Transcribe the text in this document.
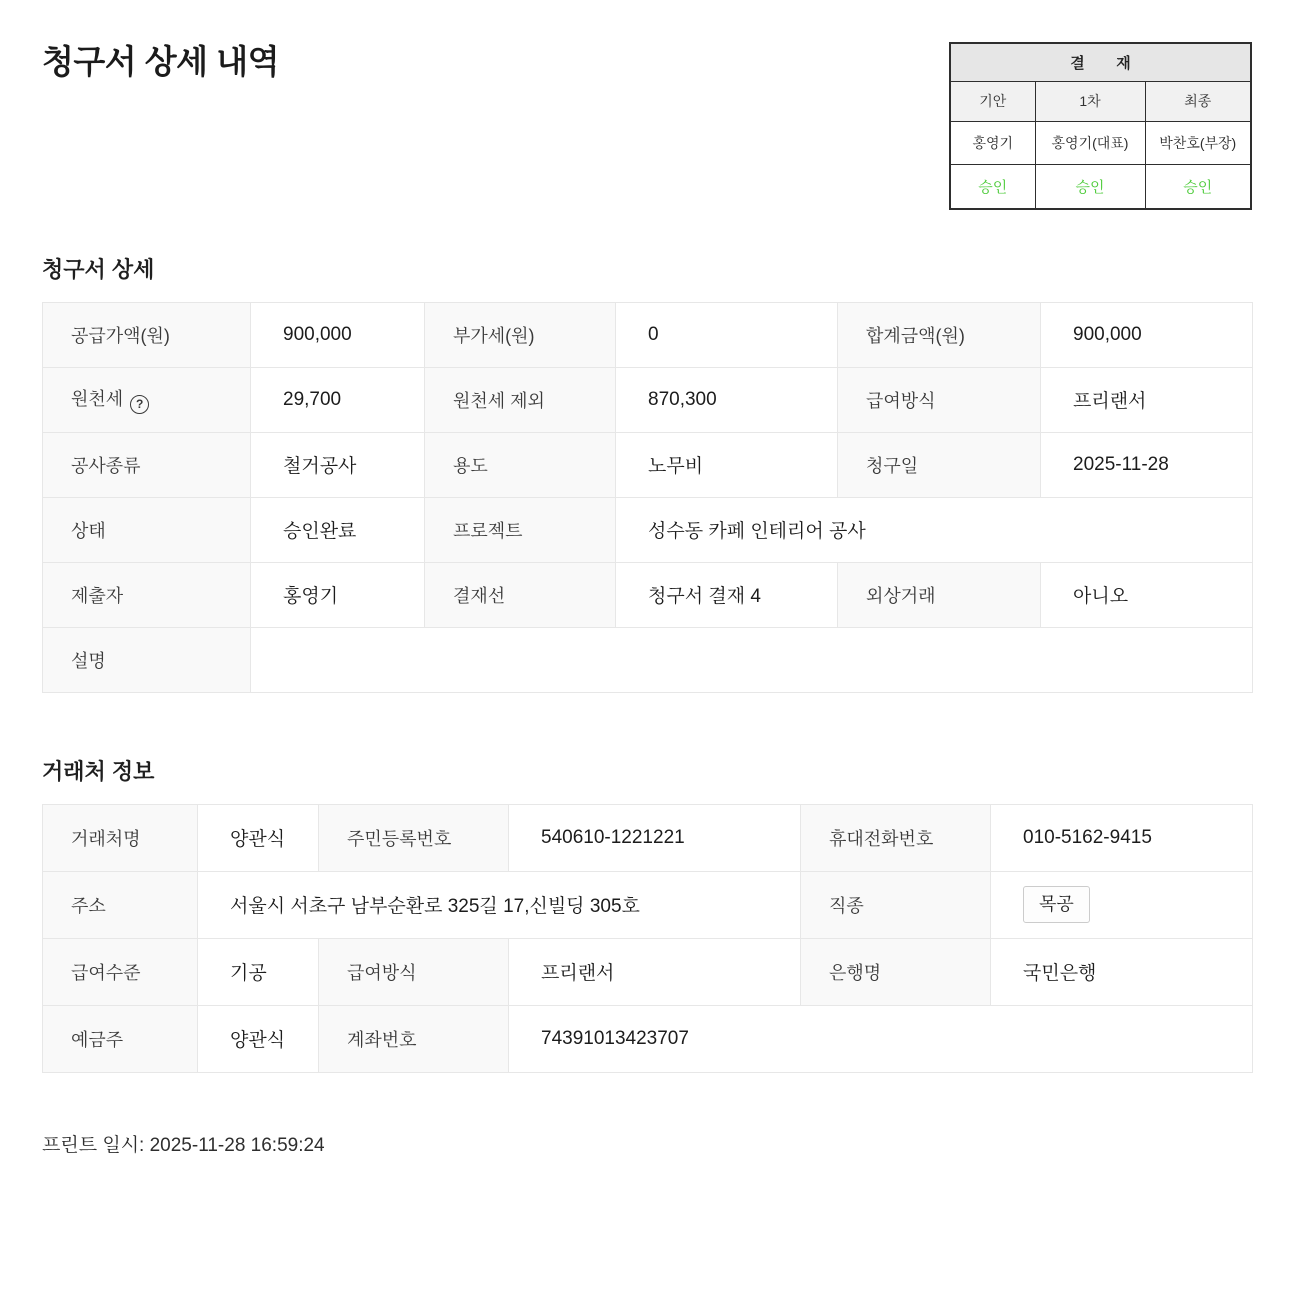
청구서 상세 내역	결재		
기안	1차	최종
홍영기	홍영기(대표)	박찬호(부장)
승인	승인	승인
청구서 상세
공급가액(원)	900,000	부가세(원)	0	합계금액(원)	900,000
원천세 ?	29,700	원천세 제외	870,300	급여방식	프리랜서
공사종류	철거공사	용도	노무비	청구일	2025-11-28
상태	승인완료	프로젝트	성수동 카페 인테리어 공사		
제출자	홍영기	결재선	청구서 결재 4	외상거래	아니오
설명					
거래처 정보
거래처명	양관식	주민등록번호	540610-1221221	휴대전화번호	010-5162-9415
주소	서울시 서초구 남부순환로 325길 17,신빌딩 305호			직종	목공
급여수준	기공	급여방식	프리랜서	은행명	국민은행
예금주	양관식	계좌번호	74391013423707		
프린트 일시: 2025-11-28 16:59:24
